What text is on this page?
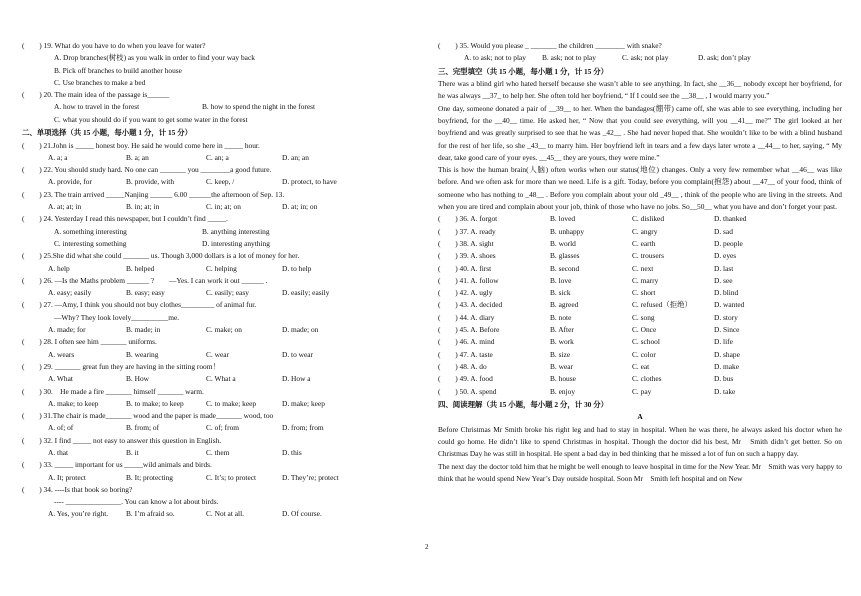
(　　) 19. What do you have to do when you leave for water?
A. Drop branches(树枝) as you walk in order to find your way back
B. Pick off branches to build another house
C. Use branches to make a bed
(　　) 20. The main idea of the passage is______
A. how to travel in the forest	B. how to spend the night in the forest
C. what you should do if you want to get some water in the forest
二、单项选择（共 15 小题，每小题 1 分，计 15 分）
(　　) 21.John is _____ honest boy. He said he would come here in _____ hour.
A. a; a	B. a; an	C. an; a	D. an; an
(　　) 22. You should study hard. No one can _______ you ________a good future.
A. provide, for	B. provide, with	C. keep, /	D. protect, to have
(　　) 23. The train arrived _____Nanjing ______ 6.00 ______the afternoon of Sep. 13.
A. at; at; in	B. in; at; in	C. in; at; on	D. at; in; on
(　　) 24. Yesterday I read this newspaper, but I couldn’t find _____.
A. something interesting	B. anything interesting
C. interesting something	D. interesting anything
(　　) 25.She did what she could _______ us. Though 3,000 dollars is a lot of money for her.
A. help	B. helped	C. helping	D. to help
(　　) 26. —Is the Maths problem ______ ?　　—Yes. I can work it out ______ .
A. easy; easily	B. easy; easy	C. easily; easy	D. easily; easily
(　　) 27. —Amy, I think you should not buy clothes_________ of animal fur.
—Why? They look lovely__________me.
A. made; for	B. made; in	C. make; on	D. made; on
(　　) 28. I often see him _______ uniforms.
A. wears	B. wearing	C. wear	D. to wear
(　　) 29. _______ great fun they are having in the sitting room！
A. What	B. How	C. What a	D. How a
(　　) 30.　He made a fire _______ himself _______ warm.
A. make; to keep	B. to make; to keep	C. to make; keep	D. make; keep
(　　) 31.The chair is made_______ wood and the paper is made_______ wood, too
A. of; of	B. from; of	C. of; from	D. from; from
(　　) 32. I find _____ not easy to answer this question in English.
A. that	B. it	C. them	D. this
(　　) 33. _____ important for us _____wild animals and birds.
A. It; protect	B. It; protecting	C. It’s; to protect	D. They’re; protect
(　　) 34. ----Is that book so boring?
---- _______________. You can know a lot about birds.
A. Yes, you’re right.	B. I’m afraid so.	C. Not at all.	D. Of course.
(　　) 35. Would you please _ _______ the children ________ with snake?
A. to ask; not to play	B. ask; not to play	C. ask; not play	D. ask; don’t play
三、完型填空（共 15 小题，每小题 1 分，计 15 分）
There was a blind girl who hated herself because she wasn’t able to see anything. In fact, she __36__ nobody except her boyfriend, for he was always __37_ to help her. She often told her boyfriend, “ If I could see the __38__ , I would marry you.”
One day, someone donated a pair of __39__ to her. When the bandages(绷带) came off, she was able to see everything, including her boyfriend, for the __40__ time. He asked her, “ Now that you could see everything, will you __41__ me?” The girl looked at her boyfriend and was greatly surprised to see that he was _42__ . She had never hoped that. She wouldn’t like to be with a blind husband for the rest of her life, so she _43__ to marry him. Her boyfriend left in tears and a few days later wrote a __44__ to her, saying, “ My dear, take good care of your eyes. __45__ they are yours, they were mine.”
This is how the human brain(人脑) often works when our status(地位) changes. Only a very few remember what __46__ was like before. And we often ask for more than we need. Life is a gift. Today, before you complain(抱怨) about __47__ of your food, think of someone who has nothing to _48__ . Before you complain about your old _49__ , think of the people who are living in the streets. And when you are tired and complain about your job, think of those who have no jobs. So__50__ what you have and don’t forget your past.
(　　) 36. A. forgot	B. loved	C. disliked	D. thanked
(　　) 37. A. ready	B. unhappy	C. angry	D. sad
(　　) 38. A. sight	B. world	C. earth	D. people
(　　) 39. A. shoes	B. glasses	C. trousers	D. eyes
(　　) 40. A. first	B. second	C. next	D. last
(　　) 41. A. follow	B. love	C. marry	D. see
(　　) 42. A. ugly	B. sick	C. short	D. blind
(　　) 43. A. decided	B. agreed	C. refused（拒绝）	D. wanted
(　　) 44. A. diary	B. note	C. song	D. story
(　　) 45. A. Before	B. After	C. Once	D. Since
(　　) 46. A. mind	B. work	C. school	D. life
(　　) 47. A. taste	B. size	C. color	D. shape
(　　) 48. A. do	B. wear	C. eat	D. make
(　　) 49. A. food	B. house	C. clothes	D. bus
(　　) 50. A. spend	B. enjoy	C. pay	D. take
四、阅读理解（共 15 小题，每小题 2 分，计 30 分）
A
Before Christmas Mr Smith broke his right leg and had to stay in hospital. When he was there, he always asked his doctor when he could go home. He didn’t like to spend Christmas in hospital. Though the doctor did his best, Mr　Smith didn’t get better. So on Christmas Day he was still in hospital. He spent a bad day in bed thinking that he missed a lot of fun on such a happy day.
The next day the doctor told him that he might be well enough to leave hospital in time for the New Year. Mr　Smith was very happy to think that he would spend New Year’s Day outside hospital. Soon Mr　Smith left hospital and on New
2
